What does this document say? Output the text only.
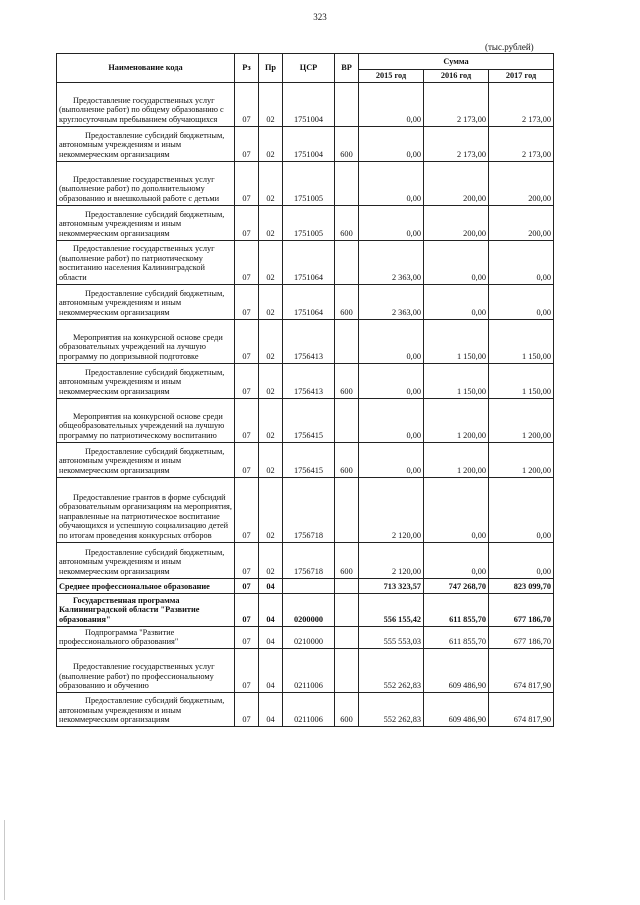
323
(тыс.рублей)
Наименование кода	Рз	Пр	ЦСР	ВР	Сумма		
					2015 год	2016 год	2017 год
Предоставление государственных услуг (выполнение работ) по общему образованию с круглосуточным пребыванием обучающихся	07	02	1751004		0,00	2 173,00	2 173,00
Предоставление субсидий бюджетным, автономным учреждениям и иным некоммерческим организациям	07	02	1751004	600	0,00	2 173,00	2 173,00
Предоставление государственных услуг (выполнение работ) по дополнительному образованию и внешкольной работе с детьми	07	02	1751005		0,00	200,00	200,00
Предоставление субсидий бюджетным, автономным учреждениям и иным некоммерческим организациям	07	02	1751005	600	0,00	200,00	200,00
Предоставление государственных услуг (выполнение работ) по патриотическому воспитанию населения Калининградской области	07	02	1751064		2 363,00	0,00	0,00
Предоставление субсидий бюджетным, автономным учреждениям и иным некоммерческим организациям	07	02	1751064	600	2 363,00	0,00	0,00
Мероприятия на конкурсной основе среди образовательных учреждений на лучшую программу по допризывной подготовке	07	02	1756413		0,00	1 150,00	1 150,00
Предоставление субсидий бюджетным, автономным учреждениям и иным некоммерческим организациям	07	02	1756413	600	0,00	1 150,00	1 150,00
Мероприятия на конкурсной основе среди общеобразовательных учреждений на лучшую программу по патриотическому воспитанию	07	02	1756415		0,00	1 200,00	1 200,00
Предоставление субсидий бюджетным, автономным учреждениям и иным некоммерческим организациям	07	02	1756415	600	0,00	1 200,00	1 200,00
Предоставление грантов в форме субсидий образовательным организациям на мероприятия, направленные на патриотическое воспитание обучающихся и успешную социализацию детей по итогам проведения конкурсных отборов	07	02	1756718		2 120,00	0,00	0,00
Предоставление субсидий бюджетным, автономным учреждениям и иным некоммерческим организациям	07	02	1756718	600	2 120,00	0,00	0,00
Среднее профессиональное образование	07	04			713 323,57	747 268,70	823 099,70
Государственная программа Калининградской области "Развитие образования"	07	04	0200000		556 155,42	611 855,70	677 186,70
Подпрограмма "Развитие профессионального образования"	07	04	0210000		555 553,03	611 855,70	677 186,70
Предоставление государственных услуг (выполнение работ) по профессиональному образованию и обучению	07	04	0211006		552 262,83	609 486,90	674 817,90
Предоставление субсидий бюджетным, автономным учреждениям и иным некоммерческим организациям	07	04	0211006	600	552 262,83	609 486,90	674 817,90
